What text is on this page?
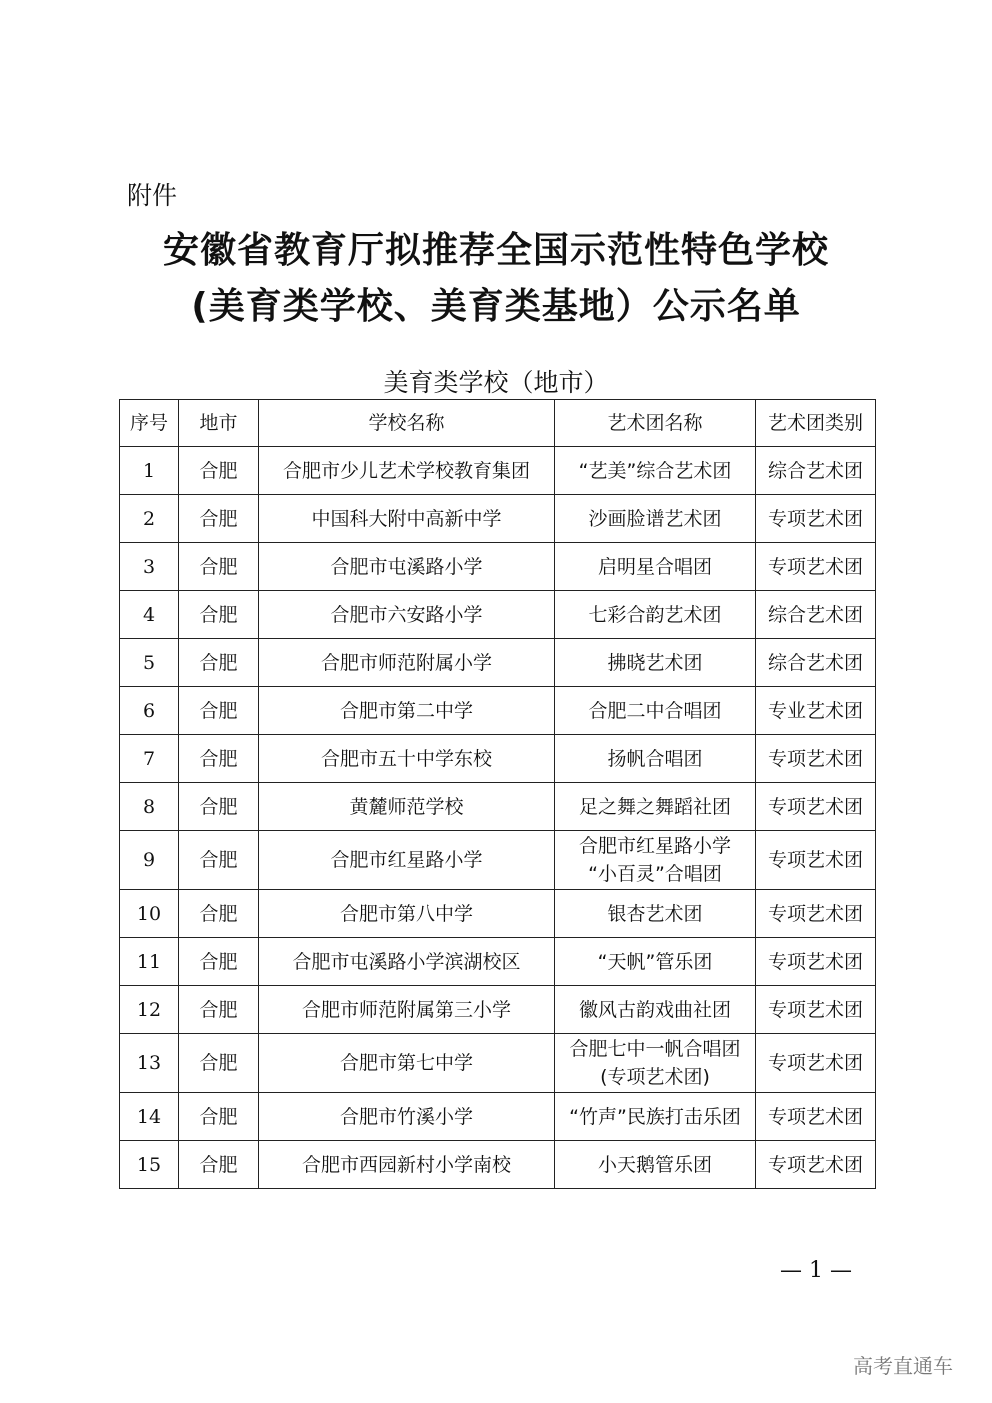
附件
安徽省教育厅拟推荐全国示范性特色学校
(美育类学校、美育类基地）公示名单
美育类学校（地市）
序号	地市	学校名称	艺术团名称	艺术团类别
1	合肥	合肥市少儿艺术学校教育集团	“艺美”综合艺术团	综合艺术团
2	合肥	中国科大附中高新中学	沙画脸谱艺术团	专项艺术团
3	合肥	合肥市屯溪路小学	启明星合唱团	专项艺术团
4	合肥	合肥市六安路小学	七彩合韵艺术团	综合艺术团
5	合肥	合肥市师范附属小学	拂晓艺术团	综合艺术团
6	合肥	合肥市第二中学	合肥二中合唱团	专业艺术团
7	合肥	合肥市五十中学东校	扬帆合唱团	专项艺术团
8	合肥	黄麓师范学校	足之舞之舞蹈社团	专项艺术团
9	合肥	合肥市红星路小学	合肥市红星路小学
“小百灵”合唱团	专项艺术团
10	合肥	合肥市第八中学	银杏艺术团	专项艺术团
11	合肥	合肥市屯溪路小学滨湖校区	“天帆”管乐团	专项艺术团
12	合肥	合肥市师范附属第三小学	徽风古韵戏曲社团	专项艺术团
13	合肥	合肥市第七中学	合肥七中一帆合唱团
(专项艺术团)	专项艺术团
14	合肥	合肥市竹溪小学	“竹声”民族打击乐团	专项艺术团
15	合肥	合肥市西园新村小学南校	小天鹅管乐团	专项艺术团
— 1 —
高考直通车
